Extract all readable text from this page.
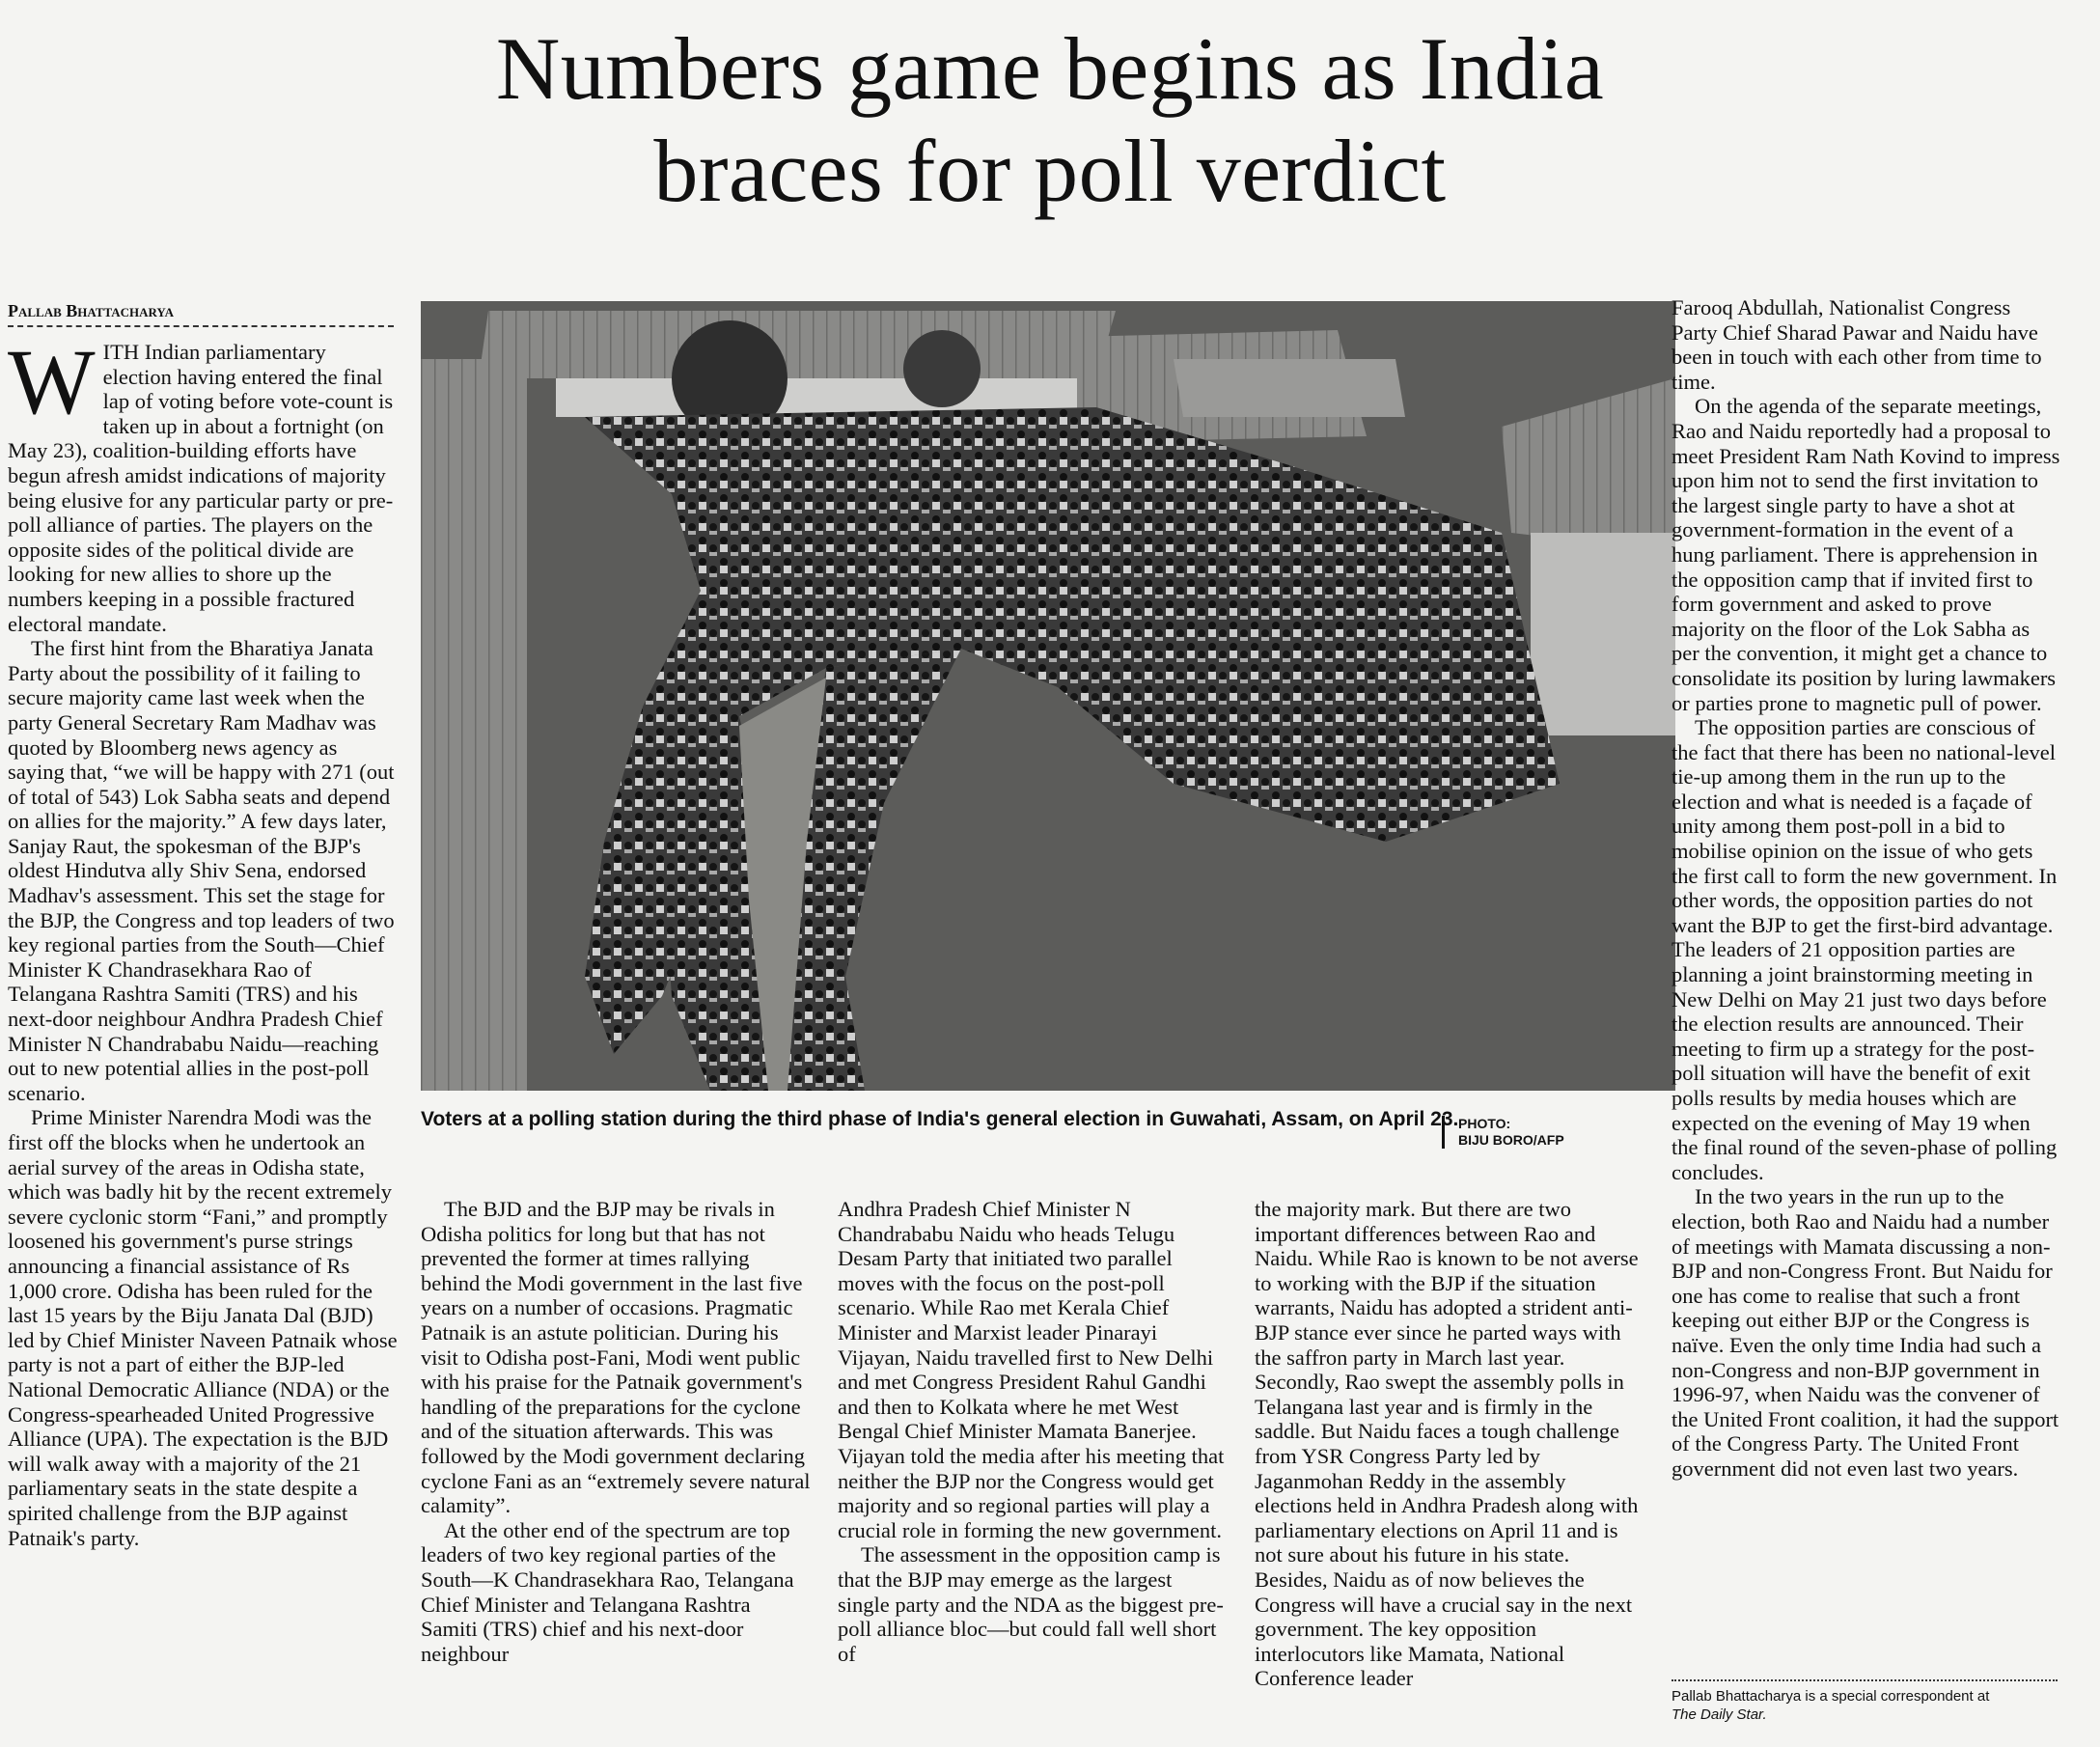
Numbers game begins as India
braces for poll verdict
Pallab Bhattacharya

WITH Indian parliamentary election having entered the final lap of voting before vote-count is taken up in about a fortnight (on May 23), coalition-building efforts have begun afresh amidst indications of majority being elusive for any particular party or pre-poll alliance of parties. The players on the opposite sides of the political divide are looking for new allies to shore up the numbers keeping in a possible fractured electoral mandate.

The first hint from the Bharatiya Janata Party about the possibility of it failing to secure majority came last week when the party General Secretary Ram Madhav was quoted by Bloomberg news agency as saying that, “we will be happy with 271 (out of total of 543) Lok Sabha seats and depend on allies for the majority.” A few days later, Sanjay Raut, the spokesman of the BJP's oldest Hindutva ally Shiv Sena, endorsed Madhav's assessment. This set the stage for the BJP, the Congress and top leaders of two key regional parties from the South—Chief Minister K Chandrasekhara Rao of Telangana Rashtra Samiti (TRS) and his next-door neighbour Andhra Pradesh Chief Minister N Chandrababu Naidu—reaching out to new potential allies in the post-poll scenario.

Prime Minister Narendra Modi was the first off the blocks when he undertook an aerial survey of the areas in Odisha state, which was badly hit by the recent extremely severe cyclonic storm “Fani,” and promptly loosened his government's purse strings announcing a financial assistance of Rs 1,000 crore. Odisha has been ruled for the last 15 years by the Biju Janata Dal (BJD) led by Chief Minister Naveen Patnaik whose party is not a part of either the BJP-led National Democratic Alliance (NDA) or the Congress-spearheaded United Progressive Alliance (UPA). The expectation is the BJD will walk away with a majority of the 21 parliamentary seats in the state despite a spirited challenge from the BJP against Patnaik's party.

Voters at a polling station during the third phase of India's general election in Guwahati, Assam, on April 23. PHOTO:
BIJU BORO/AFP

The BJD and the BJP may be rivals in Odisha politics for long but that has not prevented the former at times rallying behind the Modi government in the last five years on a number of occasions. Pragmatic Patnaik is an astute politician. During his visit to Odisha post-Fani, Modi went public with his praise for the Patnaik government's handling of the preparations for the cyclone and of the situation afterwards. This was followed by the Modi government declaring cyclone Fani as an “extremely severe natural calamity”.

At the other end of the spectrum are top leaders of two key regional parties of the South—K Chandrasekhara Rao, Telangana Chief Minister and Telangana Rashtra Samiti (TRS) chief and his next-door neighbour

Andhra Pradesh Chief Minister N Chandrababu Naidu who heads Telugu Desam Party that initiated two parallel moves with the focus on the post-poll scenario. While Rao met Kerala Chief Minister and Marxist leader Pinarayi Vijayan, Naidu travelled first to New Delhi and met Congress President Rahul Gandhi and then to Kolkata where he met West Bengal Chief Minister Mamata Banerjee. Vijayan told the media after his meeting that neither the BJP nor the Congress would get majority and so regional parties will play a crucial role in forming the new government.

The assessment in the opposition camp is that the BJP may emerge as the largest single party and the NDA as the biggest pre-poll alliance bloc—but could fall well short of

the majority mark. But there are two important differences between Rao and Naidu. While Rao is known to be not averse to working with the BJP if the situation warrants, Naidu has adopted a strident anti-BJP stance ever since he parted ways with the saffron party in March last year. Secondly, Rao swept the assembly polls in Telangana last year and is firmly in the saddle. But Naidu faces a tough challenge from YSR Congress Party led by Jaganmohan Reddy in the assembly elections held in Andhra Pradesh along with parliamentary elections on April 11 and is not sure about his future in his state. Besides, Naidu as of now believes the Congress will have a crucial say in the next government. The key opposition interlocutors like Mamata, National Conference leader

Farooq Abdullah, Nationalist Congress Party Chief Sharad Pawar and Naidu have been in touch with each other from time to time.

On the agenda of the separate meetings, Rao and Naidu reportedly had a proposal to meet President Ram Nath Kovind to impress upon him not to send the first invitation to the largest single party to have a shot at government-formation in the event of a hung parliament. There is apprehension in the opposition camp that if invited first to form government and asked to prove majority on the floor of the Lok Sabha as per the convention, it might get a chance to consolidate its position by luring lawmakers or parties prone to magnetic pull of power.

The opposition parties are conscious of the fact that there has been no national-level tie-up among them in the run up to the election and what is needed is a façade of unity among them post-poll in a bid to mobilise opinion on the issue of who gets the first call to form the new government. In other words, the opposition parties do not want the BJP to get the first-bird advantage. The leaders of 21 opposition parties are planning a joint brainstorming meeting in New Delhi on May 21 just two days before the election results are announced. Their meeting to firm up a strategy for the post-poll situation will have the benefit of exit polls results by media houses which are expected on the evening of May 19 when the final round of the seven-phase of polling concludes.

In the two years in the run up to the election, both Rao and Naidu had a number of meetings with Mamata discussing a non-BJP and non-Congress Front. But Naidu for one has come to realise that such a front keeping out either BJP or the Congress is naïve. Even the only time India had such a non-Congress and non-BJP government in 1996-97, when Naidu was the convener of the United Front coalition, it had the support of the Congress Party. The United Front government did not even last two years.

Pallab Bhattacharya is a special correspondent at
The Daily Star.
